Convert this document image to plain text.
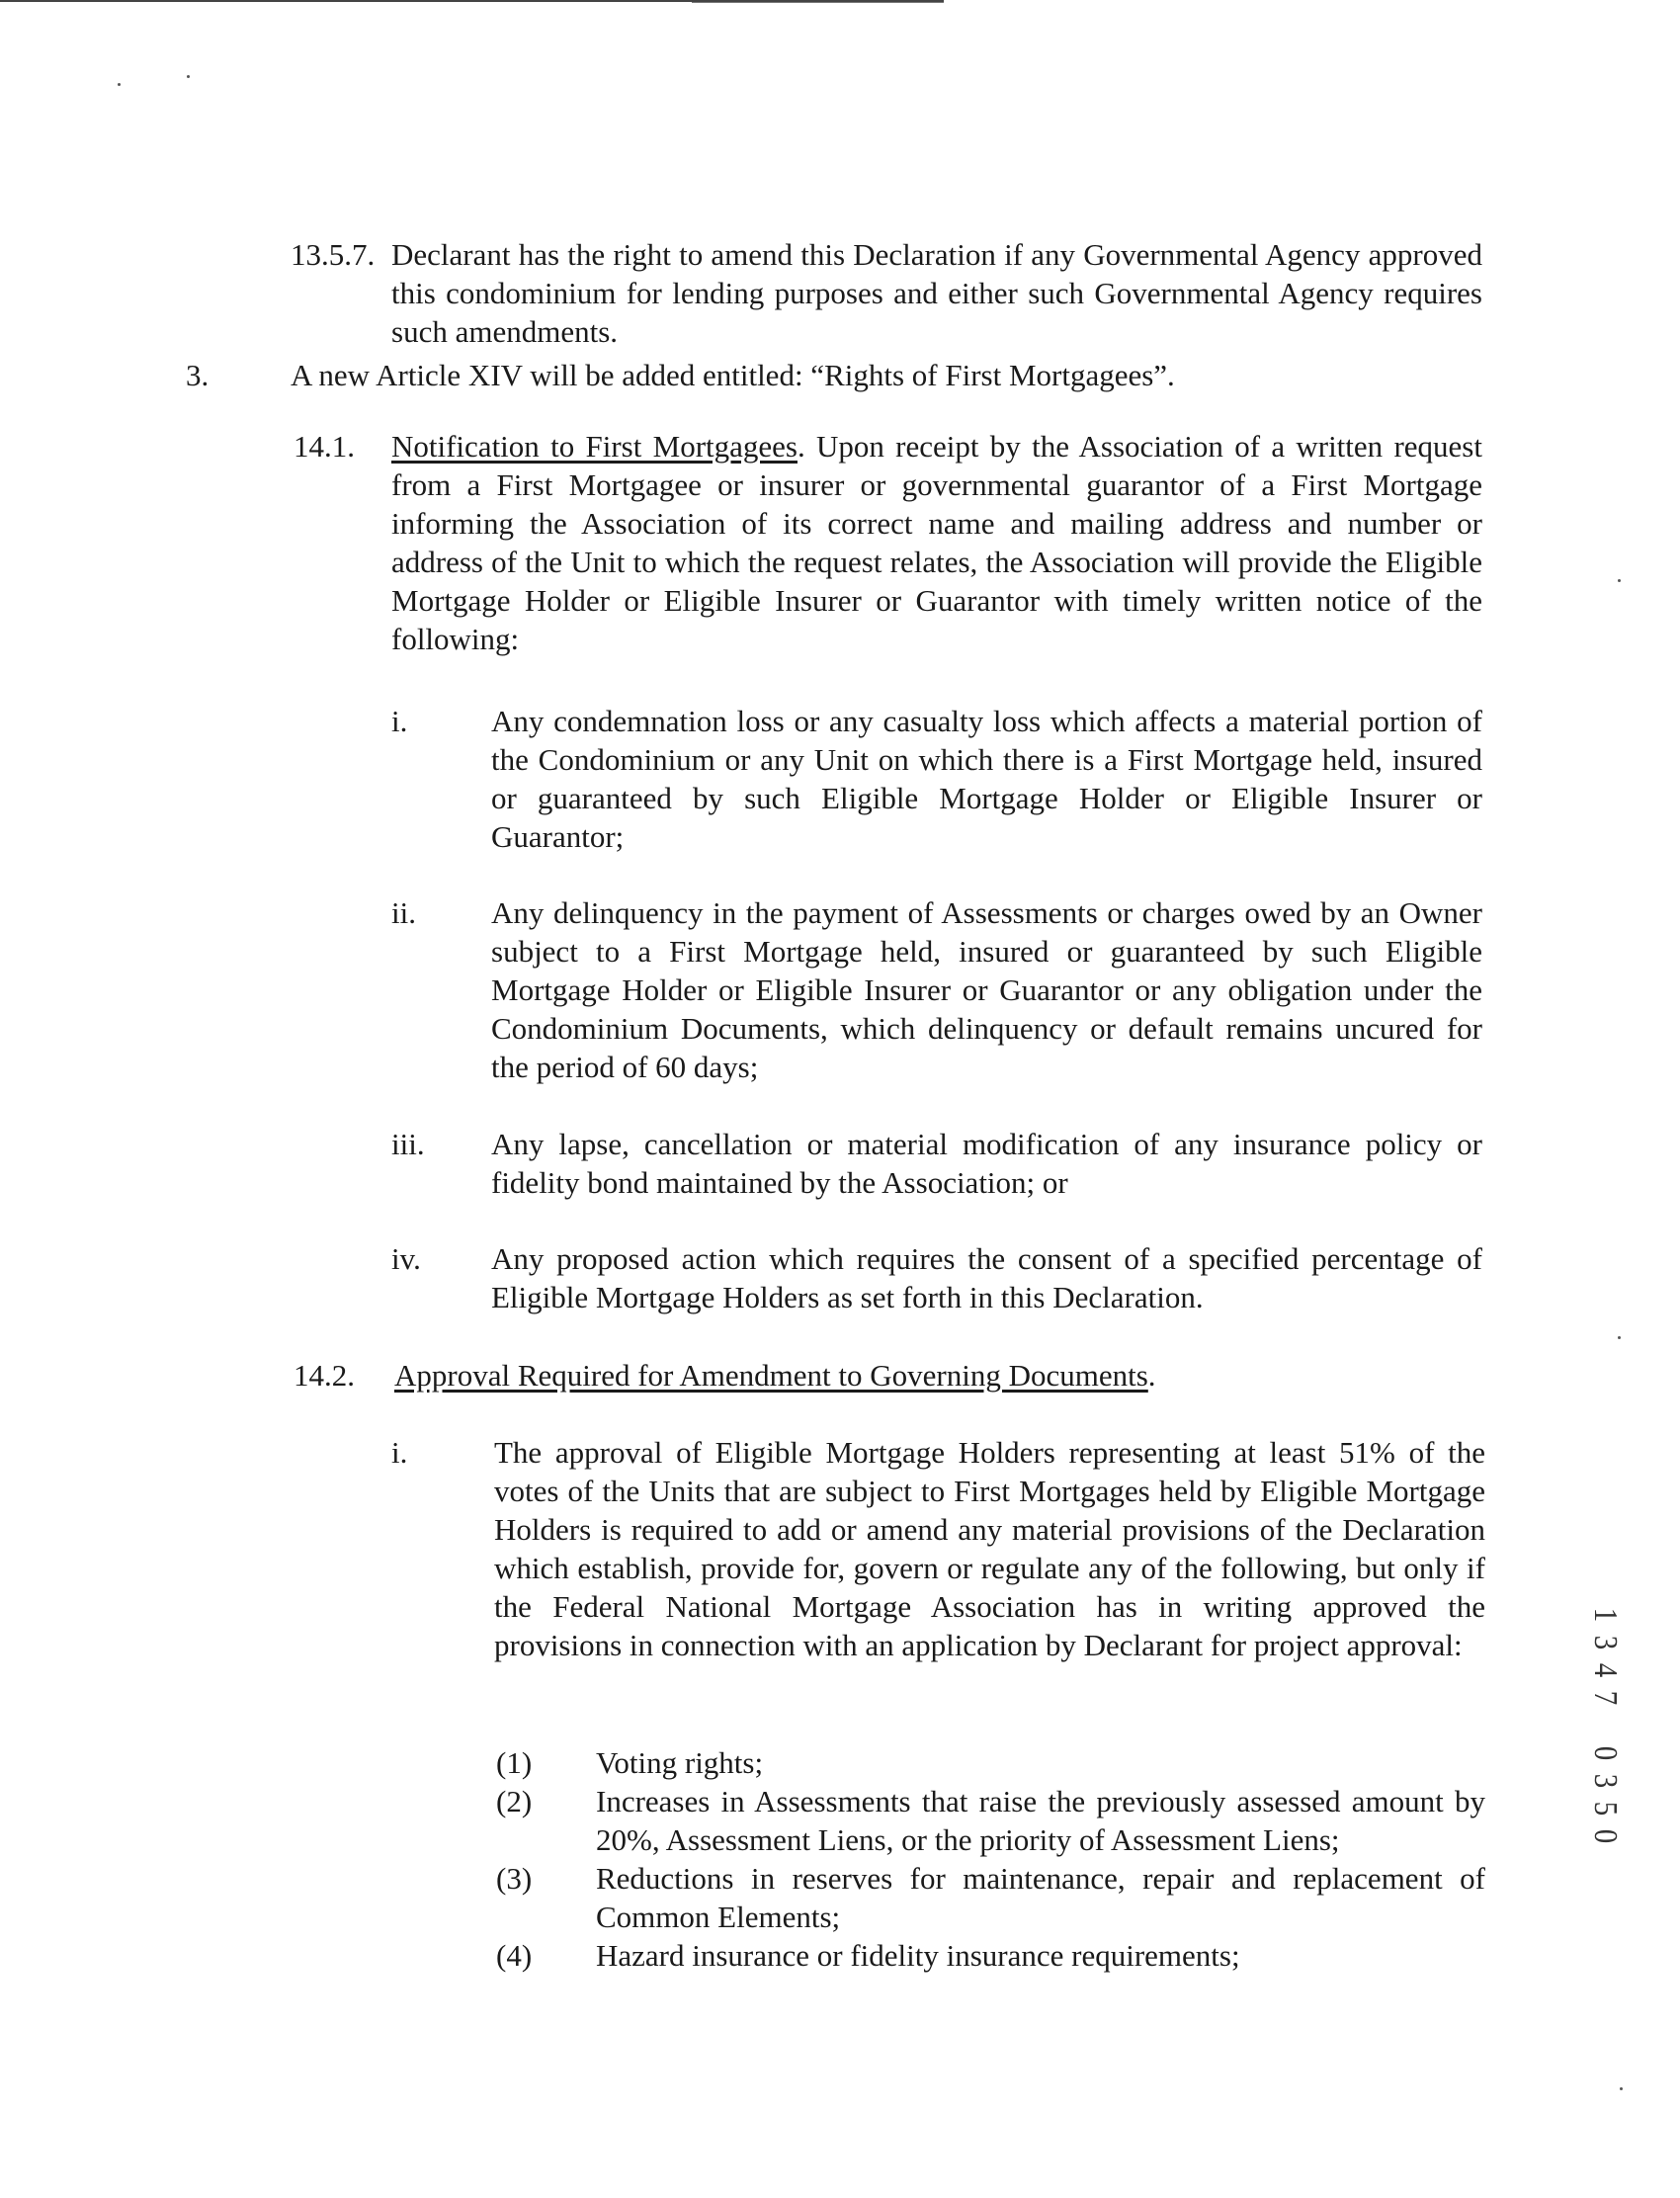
13.5.7. Declarant has the right to amend this Declaration if any Governmental Agency approved this condominium for lending purposes and either such Governmental Agency requires such amendments.
3.	A new Article XIV will be added entitled: “Rights of First Mortgagees”.
14.1. Notification to First Mortgagees. Upon receipt by the Association of a written request from a First Mortgagee or insurer or governmental guarantor of a First Mortgage informing the Association of its correct name and mailing address and number or address of the Unit to which the request relates, the Association will provide the Eligible Mortgage Holder or Eligible Insurer or Guarantor with timely written notice of the following:
i.	Any condemnation loss or any casualty loss which affects a material portion of the Condominium or any Unit on which there is a First Mortgage held, insured or guaranteed by such Eligible Mortgage Holder or Eligible Insurer or Guarantor;
ii. Any delinquency in the payment of Assessments or charges owed by an Owner subject to a First Mortgage held, insured or guaranteed by such Eligible Mortgage Holder or Eligible Insurer or Guarantor or any obligation under the Condominium Documents, which delinquency or default remains uncured for the period of 60 days;
iii. Any lapse, cancellation or material modification of any insurance policy or fidelity bond maintained by the Association; or
iv. Any proposed action which requires the consent of a specified percentage of Eligible Mortgage Holders as set forth in this Declaration.
14.2. Approval Required for Amendment to Governing Documents.
i.	The approval of Eligible Mortgage Holders representing at least 51% of the votes of the Units that are subject to First Mortgages held by Eligible Mortgage Holders is required to add or amend any material provisions of the Declaration which establish, provide for, govern or regulate any of the following, but only if the Federal National Mortgage Association has in writing approved the provisions in connection with an application by Declarant for project approval:
(1) Voting rights;
(2) Increases in Assessments that raise the previously assessed amount by 20%, Assessment Liens, or the priority of Assessment Liens;
(3) Reductions in reserves for maintenance, repair and replacement of Common Elements;
(4) Hazard insurance or fidelity insurance requirements;
1
3
4
7

0
3
5
0
